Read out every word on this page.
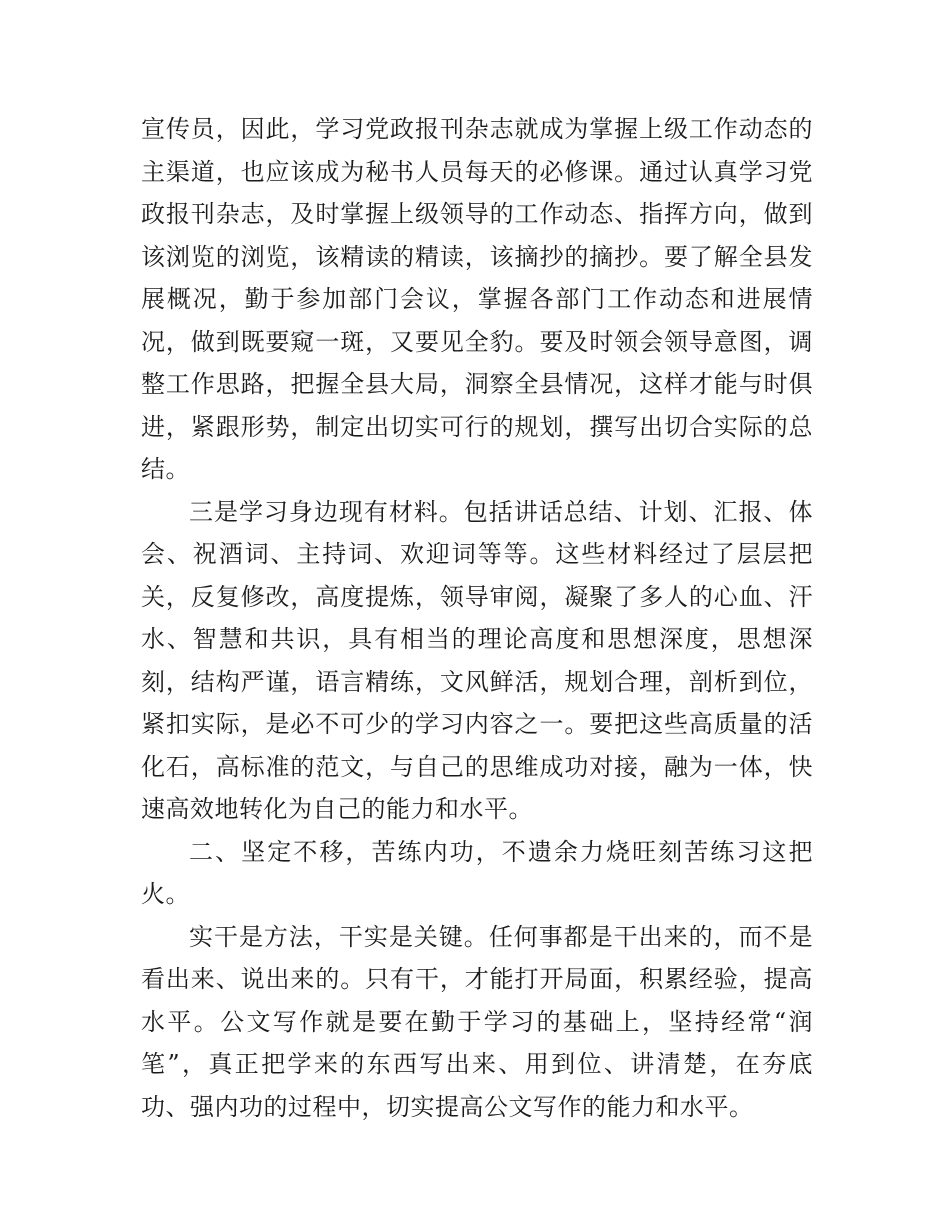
宣传员，因此，学习党政报刊杂志就成为掌握上级工作动态的主渠道，也应该成为秘书人员每天的必修课。通过认真学习党政报刊杂志，及时掌握上级领导的工作动态、指挥方向，做到该浏览的浏览，该精读的精读，该摘抄的摘抄。要了解全县发展概况，勤于参加部门会议，掌握各部门工作动态和进展情况，做到既要窥一斑，又要见全豹。要及时领会领导意图，调整工作思路，把握全县大局，洞察全县情况，这样才能与时俱进，紧跟形势，制定出切实可行的规划，撰写出切合实际的总结。

三是学习身边现有材料。包括讲话总结、计划、汇报、体会、祝酒词、主持词、欢迎词等等。这些材料经过了层层把关，反复修改，高度提炼，领导审阅，凝聚了多人的心血、汗水、智慧和共识，具有相当的理论高度和思想深度，思想深刻，结构严谨，语言精练，文风鲜活，规划合理，剖析到位，紧扣实际，是必不可少的学习内容之一。要把这些高质量的活化石，高标准的范文，与自己的思维成功对接，融为一体，快速高效地转化为自己的能力和水平。

二、坚定不移，苦练内功，不遗余力烧旺刻苦练习这把火。

实干是方法，干实是关键。任何事都是干出来的，而不是看出来、说出来的。只有干，才能打开局面，积累经验，提高水平。公文写作就是要在勤于学习的基础上，坚持经常“润笔”，真正把学来的东西写出来、用到位、讲清楚，在夯底功、强内功的过程中，切实提高公文写作的能力和水平。
